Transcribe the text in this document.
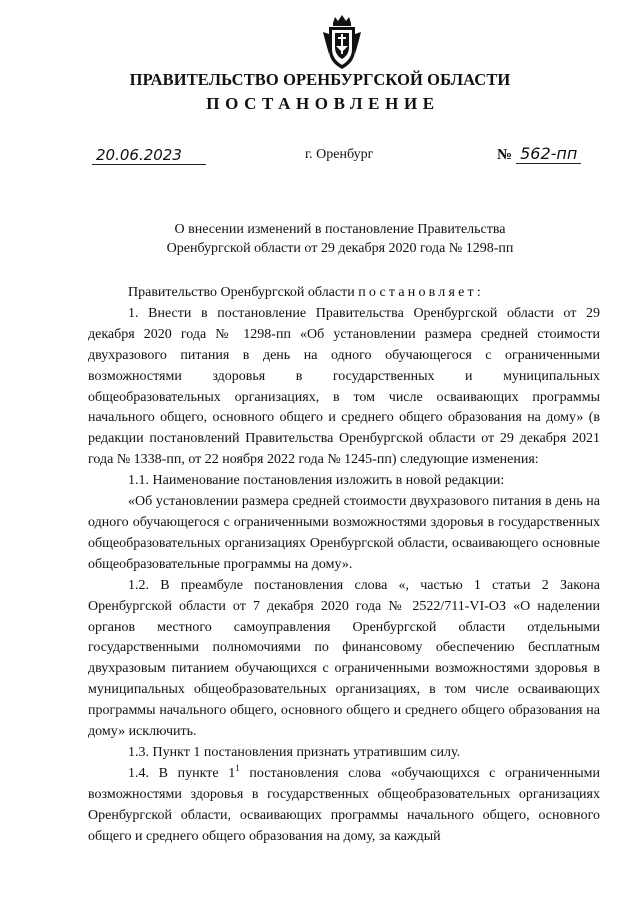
ПРАВИТЕЛЬСТВО ОРЕНБУРГСКОЙ ОБЛАСТИ
ПОСТАНОВЛЕНИЕ
20.06.2023	г. Оренбург	№ 562-пп
О внесении изменений в постановление Правительства
Оренбургской области от 29 декабря 2020 года № 1298-пп

Правительство Оренбургской области постановляет:

1. Внести в постановление Правительства Оренбургской области от 29 декабря 2020 года № 1298-пп «Об установлении размера средней стоимости двухразового питания в день на одного обучающегося с ограниченными возможностями здоровья в государственных и муниципальных общеобразовательных организациях, в том числе осваивающих программы начального общего, основного общего и среднего общего образования на дому» (в редакции постановлений Правительства Оренбургской области от 29 декабря 2021 года № 1338-пп, от 22 ноября 2022 года № 1245-пп) следующие изменения:

1.1. Наименование постановления изложить в новой редакции:

«Об установлении размера средней стоимости двухразового питания в день на одного обучающегося с ограниченными возможностями здоровья в государственных общеобразовательных организациях Оренбургской области, осваивающего основные общеобразовательные программы на дому».

1.2. В преамбуле постановления слова «, частью 1 статьи 2 Закона Оренбургской области от 7 декабря 2020 года № 2522/711-VI-ОЗ «О наделении органов местного самоуправления Оренбургской области отдельными государственными полномочиями по финансовому обеспечению бесплатным двухразовым питанием обучающихся с ограниченными возможностями здоровья в муниципальных общеобразовательных организациях, в том числе осваивающих программы начального общего, основного общего и среднего общего образования на дому» исключить.

1.3. Пункт 1 постановления признать утратившим силу.

1.4. В пункте $1^1$ постановления слова «обучающихся с ограниченными возможностями здоровья в государственных общеобразовательных организациях Оренбургской области, осваивающих программы начального общего, основного общего и среднего общего образования на дому, за каждый
